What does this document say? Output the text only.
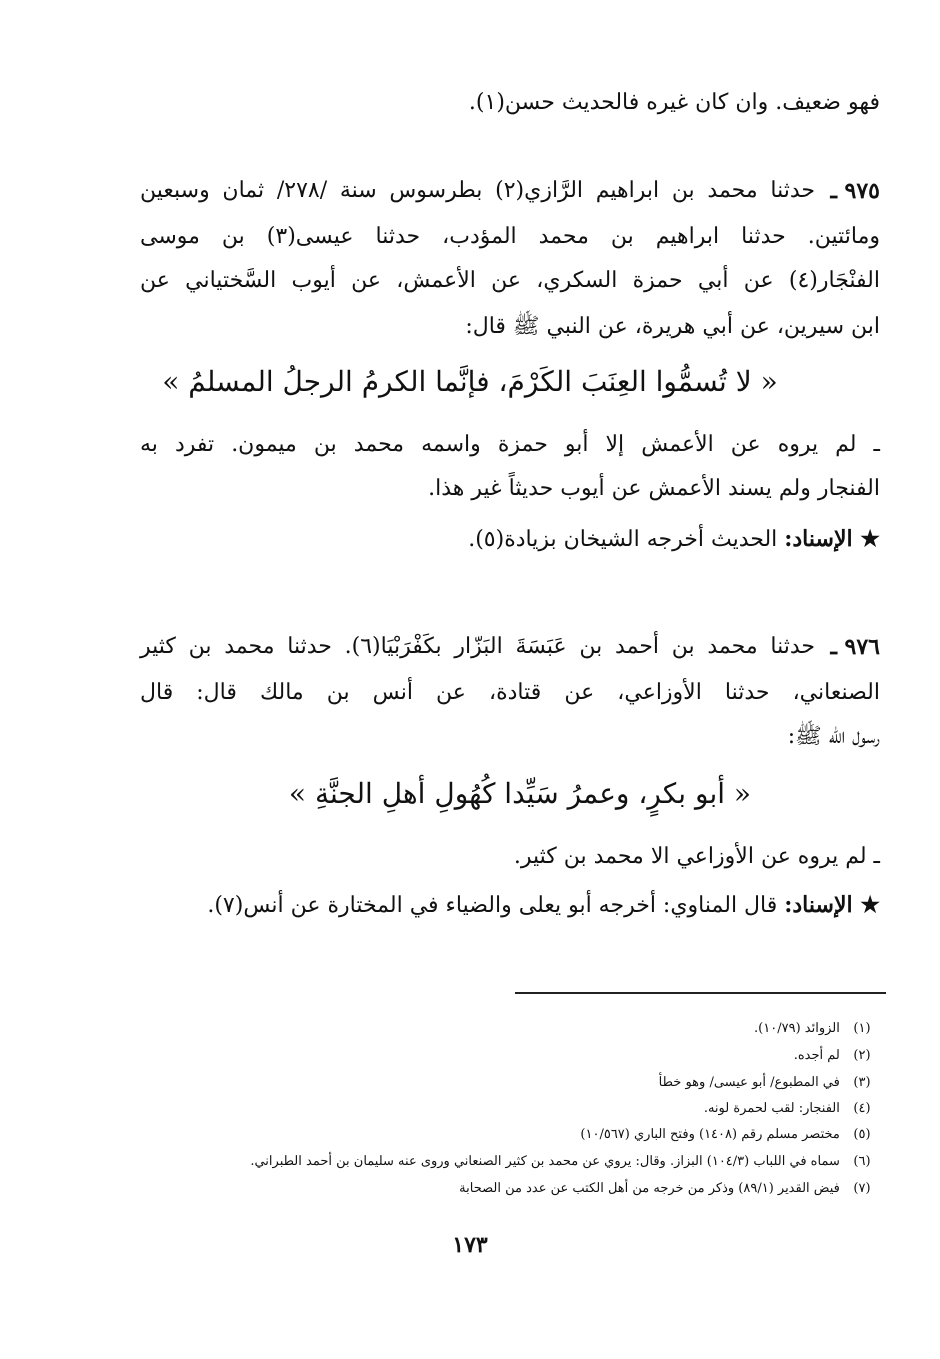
فهو ضعيف. وان كان غيره فالحديث حسن(١).
٩٧٥ ـ
حدثنا محمد بن ابراهيم الرَّازي(٢) بطرسوس سنة /٢٧٨/ ثمان وسبعين
ومائتين. حدثنا ابراهيم بن محمد المؤدب، حدثنا عيسى(٣) بن موسى
الفنْجَار(٤) عن أبي حمزة السكري، عن الأعمش، عن أيوب السَّختياني عن
ابن سيرين، عن أبي هريرة، عن النبي ﷺ قال:
« لا تُسمُّوا العِنَبَ الكَرْمَ، فإنَّما الكرمُ الرجلُ المسلمُ »
ـ لم يروه عن الأعمش إلا أبو حمزة واسمه محمد بن ميمون. تفرد به
الفنجار ولم يسند الأعمش عن أيوب حديثاً غير هذا.
★ الإسناد: الحديث أخرجه الشيخان بزيادة(٥).
٩٧٦ ـ
حدثنا محمد بن أحمد بن عَبَسَةَ البَزّار بكَفْرَبْيَا(٦). حدثنا محمد بن كثير
الصنعاني، حدثنا الأوزاعي، عن قتادة، عن أنس بن مالك قال: قال
رسول الله ﷺ:
« أبو بكرٍ، وعمرُ سَيِّدا كُهُولِ أهلِ الجنَّةِ »
ـ لم يروه عن الأوزاعي الا محمد بن كثير.
★ الإسناد: قال المناوي: أخرجه أبو يعلى والضياء في المختارة عن أنس(٧).
(١) الزوائد (١٠/٧٩).
(٢) لم أجده.
(٣) في المطبوع/ أبو عيسى/ وهو خطأ
(٤) الفنجار: لقب لحمرة لونه.
(٥) مختصر مسلم رقم (١٤٠٨) وفتح الباري (١٠/٥٦٧)
(٦) سماه في اللباب (١٠٤/٣) البزاز. وقال: يروي عن محمد بن كثير الصنعاني وروى عنه سليمان بن أحمد الطبراني.
(٧) فيض القدير (٨٩/١) وذكر من خرجه من أهل الكتب عن عدد من الصحابة
١٧٣
